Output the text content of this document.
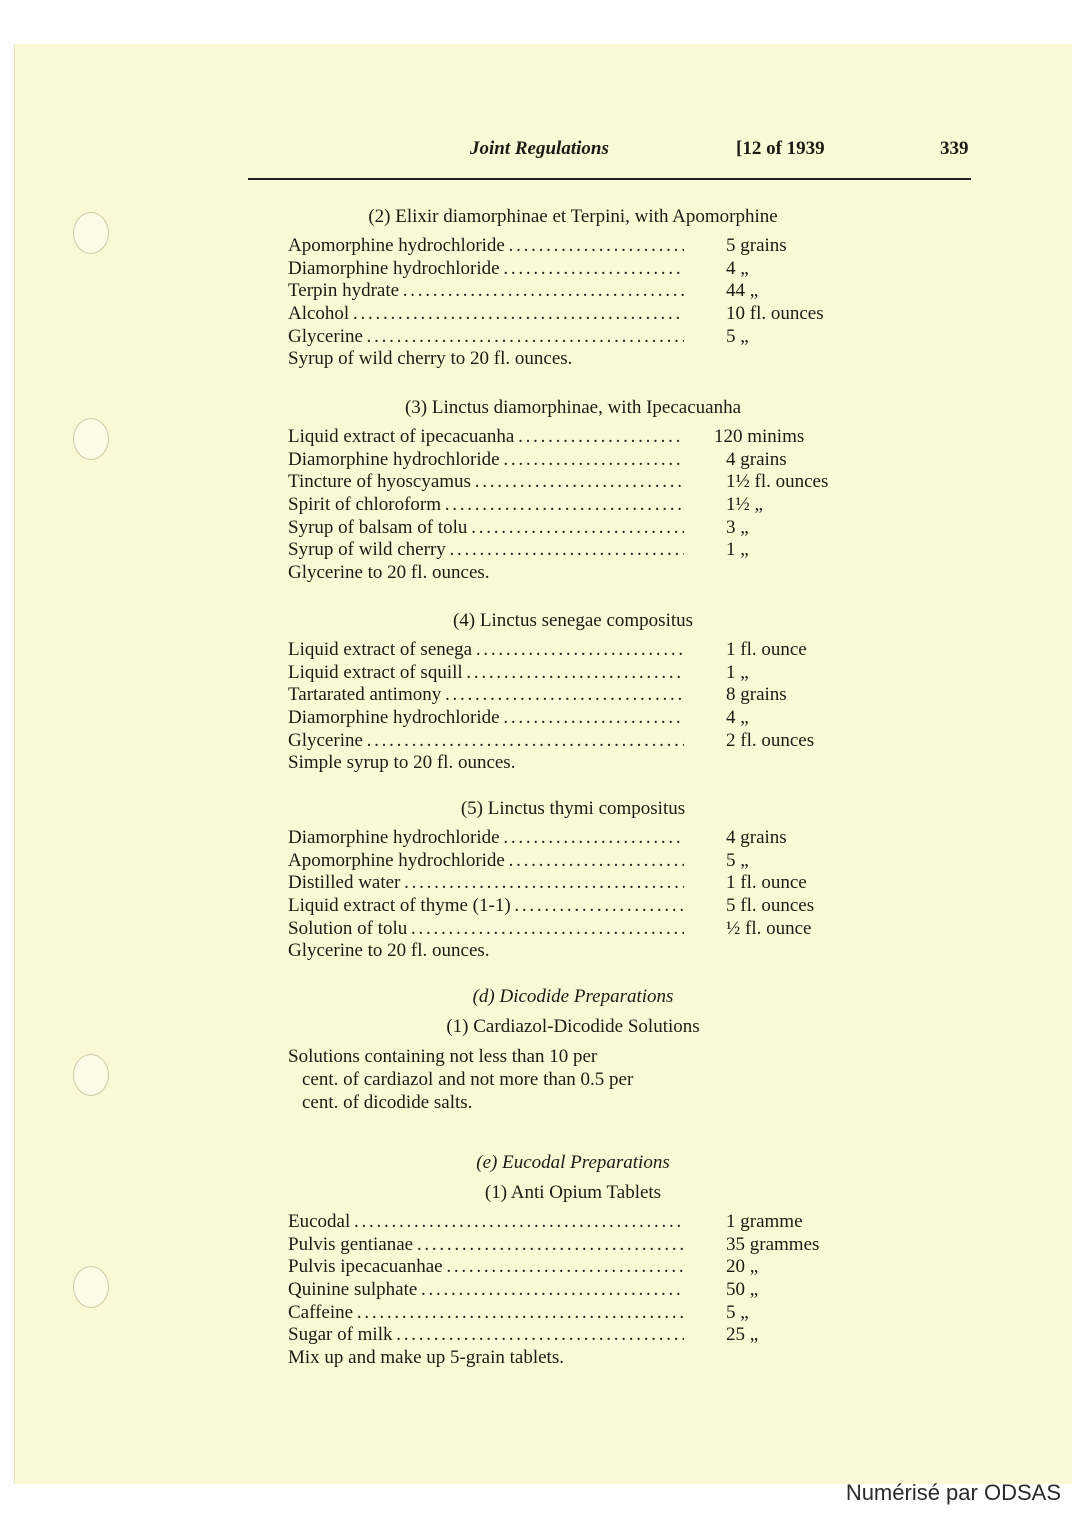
Joint Regulations	[12 of 1939	339
(2) Elixir diamorphinae et Terpini, with Apomorphine
Apomorphine hydrochloride . . .	5 grains
Diamorphine hydrochloride . . .	4 „
Terpin hydrate . . .	44 „
Alcohol . . .	10 fl. ounces
Glycerine . . .	5 „
Syrup of wild cherry to 20 fl. ounces.
(3) Linctus diamorphinae, with Ipecacuanha
Liquid extract of ipecacuanha . . .	120 minims
Diamorphine hydrochloride . . .	4 grains
Tincture of hyoscyamus . . .	1½ fl. ounces
Spirit of chloroform . . .	1½ „
Syrup of balsam of tolu . . .	3 „
Syrup of wild cherry . . .	1 „
Glycerine to 20 fl. ounces.
(4) Linctus senegae compositus
Liquid extract of senega . . .	1 fl. ounce
Liquid extract of squill . . .	1 „
Tartarated antimony . . .	8 grains
Diamorphine hydrochloride . . .	4 „
Glycerine . . .	2 fl. ounces
Simple syrup to 20 fl. ounces.
(5) Linctus thymi compositus
Diamorphine hydrochloride . . .	4 grains
Apomorphine hydrochloride . . .	5 „
Distilled water . . .	1 fl. ounce
Liquid extract of thyme (1-1) . . .	5 fl. ounces
Solution of tolu . . .	½ fl. ounce
Glycerine to 20 fl. ounces.
(d) Dicodide Preparations
(1) Cardiazol-Dicodide Solutions
Solutions containing not less than 10 per
cent. of cardiazol and not more than 0.5 per
cent. of dicodide salts.
(e) Eucodal Preparations
(1) Anti Opium Tablets
Eucodal . . .	1 gramme
Pulvis gentianae . . .	35 grammes
Pulvis ipecacuanhae . . .	20 „
Quinine sulphate . . .	50 „
Caffeine . . .	5 „
Sugar of milk . . .	25 „
Mix up and make up 5-grain tablets.
Numérisé par ODSAS
